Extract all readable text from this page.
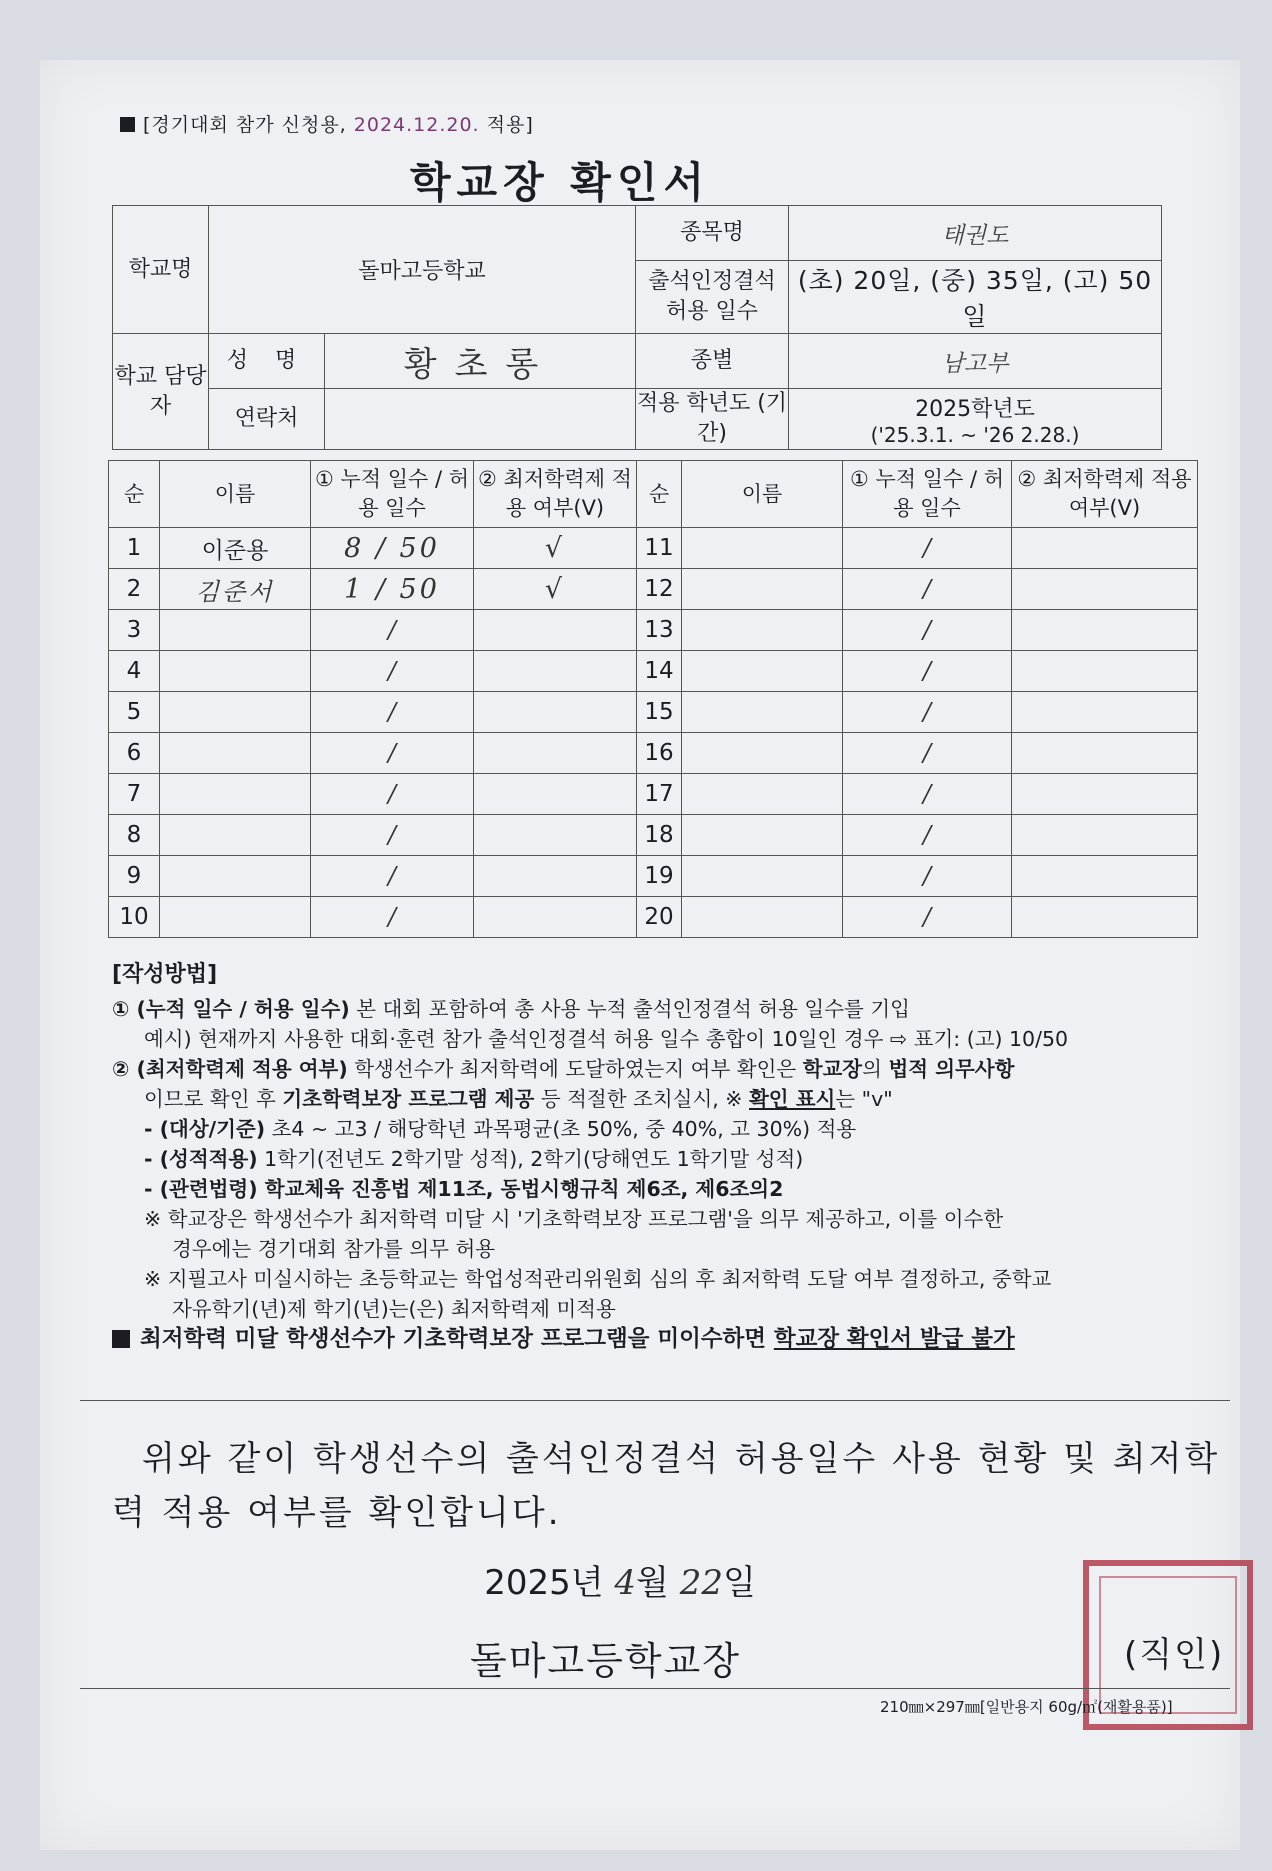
[경기대회 참가 신청용, 2024.12.20. 적용]
학교장 확인서
학교명	돌마고등학교		종목명	태권도
			출석인정결석 허용 일수	(초) 20일, (중) 35일, (고) 50일
학교 담당자	성 명	황초롱	종별	남고부
	연락처		적용 학년도 (기간)	2025학년도
('25.3.1. ~ '26 2.28.)
순	이름	① 누적 일수 / 허용 일수	② 최저학력제 적용 여부(V)	순	이름	① 누적 일수 / 허용 일수	② 최저학력제 적용 여부(V)
1	이준용	8 / 50	√	11		/	
2	김준서	1 / 50	√	12		/	
3		/		13		/	
4		/		14		/	
5		/		15		/	
6		/		16		/	
7		/		17		/	
8		/		18		/	
9		/		19		/	
10		/		20		/	
[작성방법]

① (누적 일수 / 허용 일수) 본 대회 포함하여 총 사용 누적 출석인정결석 허용 일수를 기입

예시) 현재까지 사용한 대회·훈련 참가 출석인정결석 허용 일수 총합이 10일인 경우 ⇨ 표기: (고) 10/50

② (최저학력제 적용 여부) 학생선수가 최저학력에 도달하였는지 여부 확인은 학교장의 법적 의무사항

이므로 확인 후 기초학력보장 프로그램 제공 등 적절한 조치실시, ※ 확인 표시는 "v"

- (대상/기준) 초4 ~ 고3 / 해당학년 과목평균(초 50%, 중 40%, 고 30%) 적용

- (성적적용) 1학기(전년도 2학기말 성적), 2학기(당해연도 1학기말 성적)

- (관련법령) 학교체육 진흥법 제11조, 동법시행규칙 제6조, 제6조의2

※ 학교장은 학생선수가 최저학력 미달 시 '기초학력보장 프로그램'을 의무 제공하고, 이를 이수한

경우에는 경기대회 참가를 의무 허용

※ 지필고사 미실시하는 초등학교는 학업성적관리위원회 심의 후 최저학력 도달 여부 결정하고, 중학교

자유학기(년)제 학기(년)는(은) 최저학력제 미적용

최저학력 미달 학생선수가 기초학력보장 프로그램을 미이수하면 학교장 확인서 발급 불가

위와 같이 학생선수의 출석인정결석 허용일수 사용 현황 및 최저학력 적용 여부를 확인합니다.
2025년 4월 22일
돌마고등학교장	(직인)
210㎜×297㎜[일반용지 60g/㎡(재활용품)]
